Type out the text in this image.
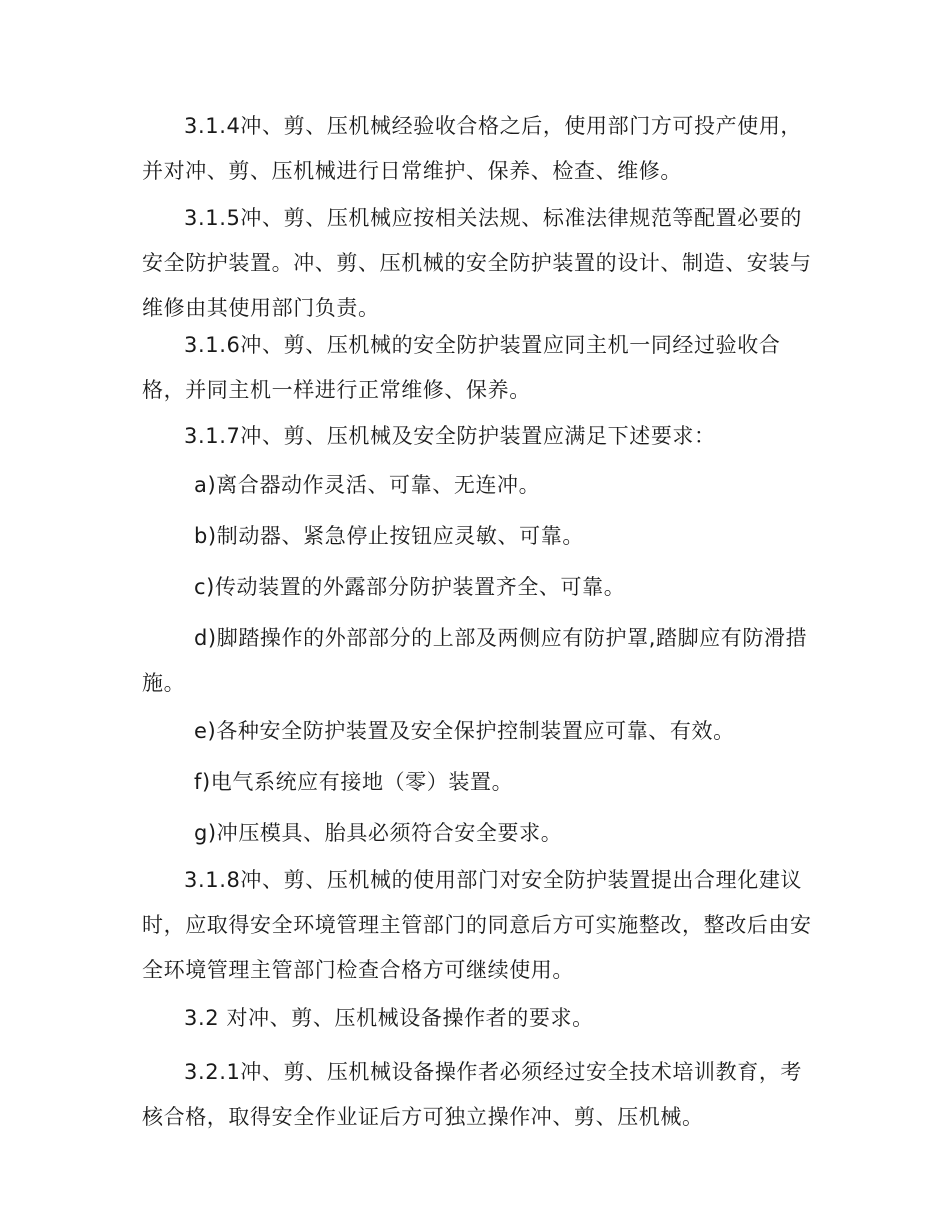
3.1.4冲、剪、压机械经验收合格之后，使用部门方可投产使用，并对冲、剪、压机械进行日常维护、保养、检查、维修。

3.1.5冲、剪、压机械应按相关法规、标准法律规范等配置必要的安全防护装置。冲、剪、压机械的安全防护装置的设计、制造、安装与维修由其使用部门负责。

3.1.6冲、剪、压机械的安全防护装置应同主机一同经过验收合格，并同主机一样进行正常维修、保养。

3.1.7冲、剪、压机械及安全防护装置应满足下述要求：

a)离合器动作灵活、可靠、无连冲。

b)制动器、紧急停止按钮应灵敏、可靠。

c)传动装置的外露部分防护装置齐全、可靠。

d)脚踏操作的外部部分的上部及两侧应有防护罩,踏脚应有防滑措施。

e)各种安全防护装置及安全保护控制装置应可靠、有效。

f)电气系统应有接地（零）装置。

g)冲压模具、胎具必须符合安全要求。

3.1.8冲、剪、压机械的使用部门对安全防护装置提出合理化建议时，应取得安全环境管理主管部门的同意后方可实施整改，整改后由安全环境管理主管部门检查合格方可继续使用。

3.2 对冲、剪、压机械设备操作者的要求。

3.2.1冲、剪、压机械设备操作者必须经过安全技术培训教育，考核合格，取得安全作业证后方可独立操作冲、剪、压机械。
